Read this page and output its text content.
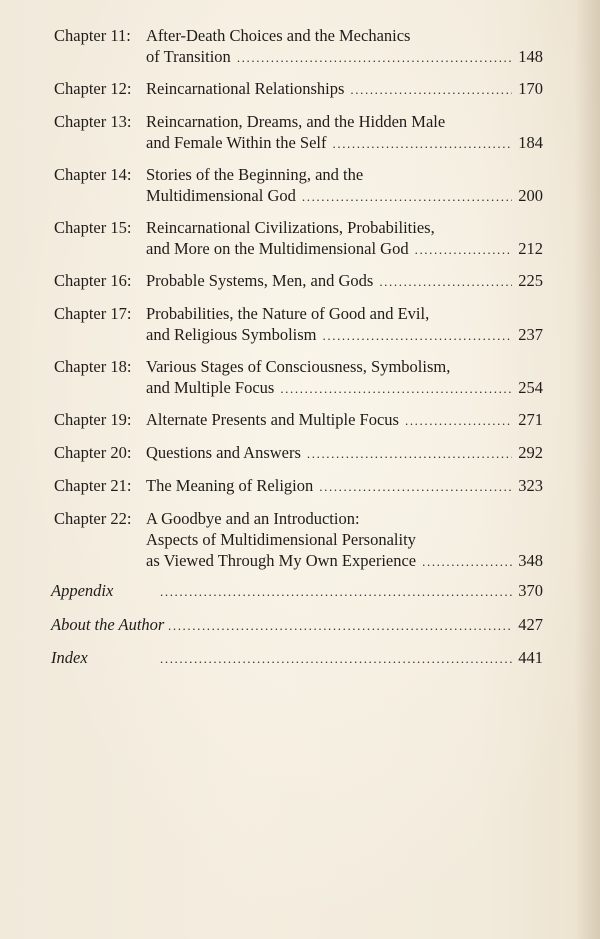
Chapter 11: After-Death Choices and the Mechanics
of Transition .....	148
Chapter 12: Reincarnational Relationships .....	170
Chapter 13: Reincarnation, Dreams, and the Hidden Male
and Female Within the Self .....	184
Chapter 14: Stories of the Beginning, and the
Multidimensional God .....	200
Chapter 15: Reincarnational Civilizations, Probabilities,
and More on the Multidimensional God .....	212
Chapter 16: Probable Systems, Men, and Gods .....	225
Chapter 17: Probabilities, the Nature of Good and Evil,
and Religious Symbolism .....	237
Chapter 18: Various Stages of Consciousness, Symbolism,
and Multiple Focus .....	254
Chapter 19: Alternate Presents and Multiple Focus .....	271
Chapter 20: Questions and Answers .....	292
Chapter 21: The Meaning of Religion .....	323
Chapter 22: A Goodbye and an Introduction:
Aspects of Multidimensional Personality
as Viewed Through My Own Experience .....	348
Appendix .....	370
About the Author .....	427
Index .....	441
